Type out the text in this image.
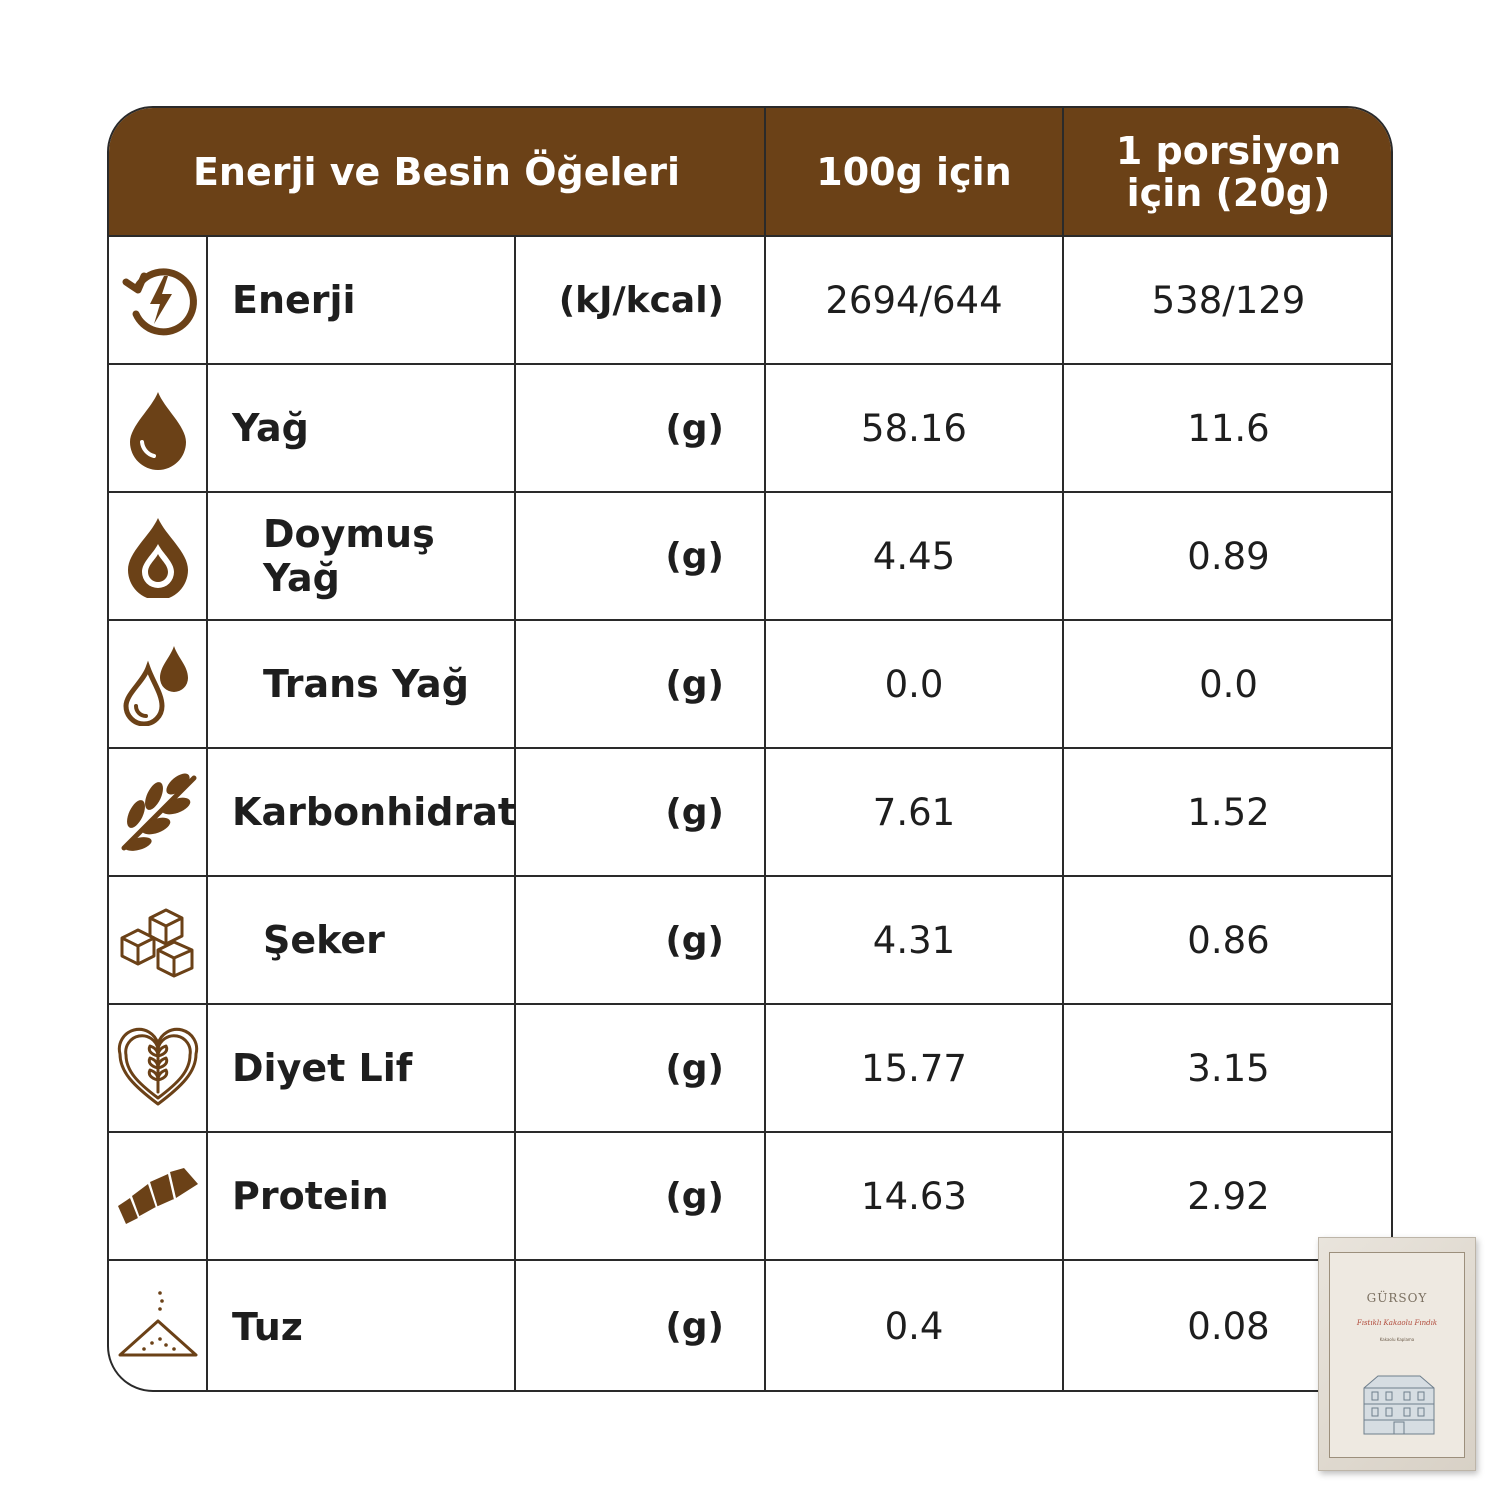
Enerji ve Besin Öğeleri	100g için	1 porsiyon
için (20g)
Enerji	(kJ/kcal)	2694/644	538/129
Yağ	(g)	58.16	11.6
Doymuş Yağ	(g)	4.45	0.89
Trans Yağ	(g)	0.0	0.0
Karbonhidrat	(g)	7.61	1.52
Şeker	(g)	4.31	0.86
Diyet Lif	(g)	15.77	3.15
Protein	(g)	14.63	2.92
Tuz	(g)	0.4	0.08
GÜRSOY
Fıstıklı Kakaolu Fındık
Kakaolu Kaplama
